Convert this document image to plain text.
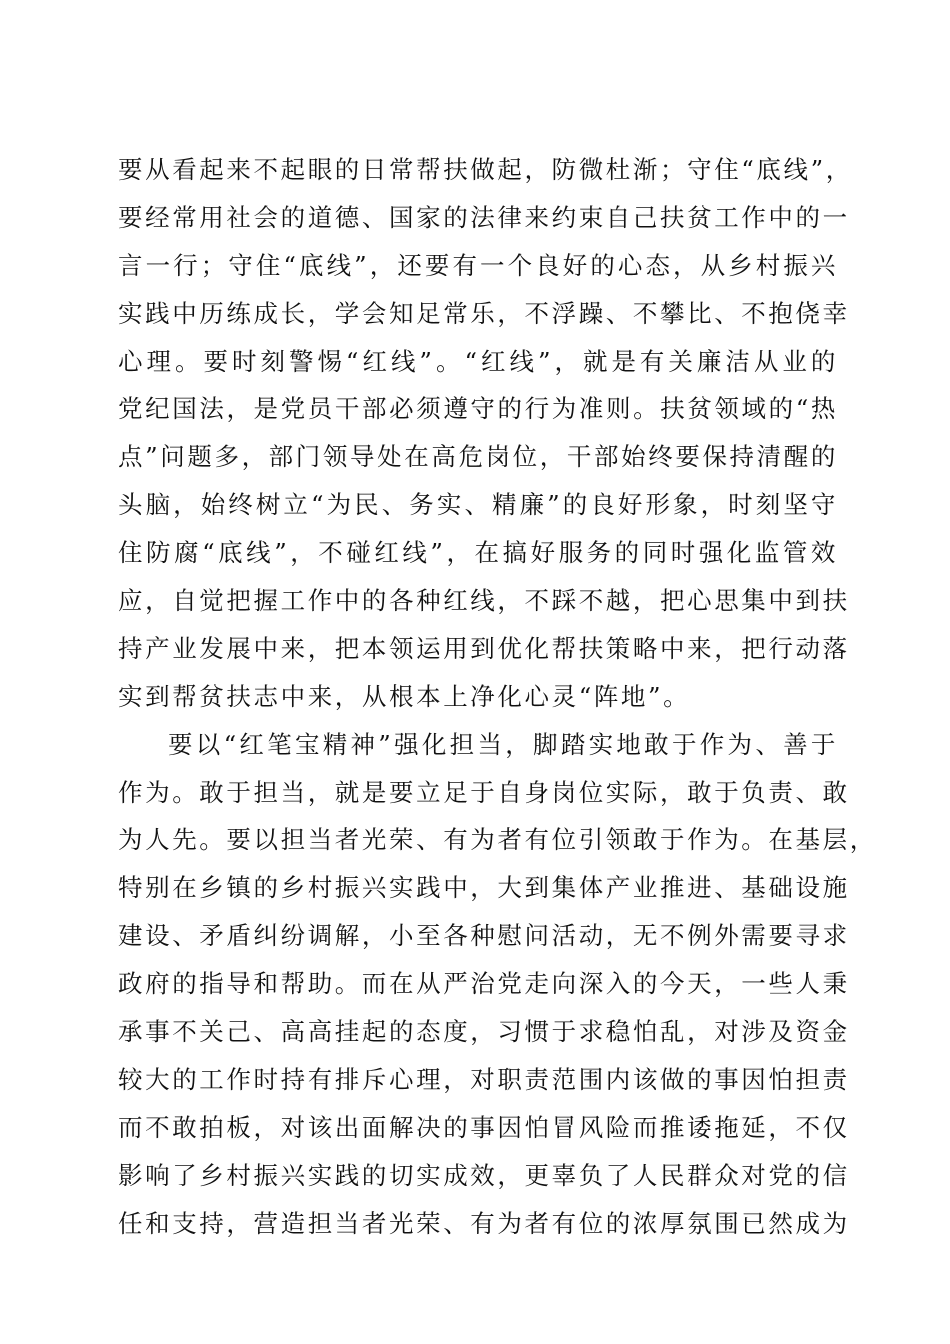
要从看起来不起眼的日常帮扶做起，防微杜渐；守住“底线”，
要经常用社会的道德、国家的法律来约束自己扶贫工作中的一
言一行；守住“底线”，还要有一个良好的心态，从乡村振兴
实践中历练成长，学会知足常乐，不浮躁、不攀比、不抱侥幸
心理。要时刻警惕“红线”。“红线”，就是有关廉洁从业的
党纪国法，是党员干部必须遵守的行为准则。扶贫领域的“热
点”问题多，部门领导处在高危岗位，干部始终要保持清醒的
头脑，始终树立“为民、务实、精廉”的良好形象，时刻坚守
住防腐“底线”，不碰红线”，在搞好服务的同时强化监管效
应，自觉把握工作中的各种红线，不踩不越，把心思集中到扶
持产业发展中来，把本领运用到优化帮扶策略中来，把行动落
实到帮贫扶志中来，从根本上净化心灵“阵地”。
要以“红笔宝精神”强化担当，脚踏实地敢于作为、善于
作为。敢于担当，就是要立足于自身岗位实际，敢于负责、敢
为人先。要以担当者光荣、有为者有位引领敢于作为。在基层，
特别在乡镇的乡村振兴实践中，大到集体产业推进、基础设施
建设、矛盾纠纷调解，小至各种慰问活动，无不例外需要寻求
政府的指导和帮助。而在从严治党走向深入的今天，一些人秉
承事不关己、高高挂起的态度，习惯于求稳怕乱，对涉及资金
较大的工作时持有排斥心理，对职责范围内该做的事因怕担责
而不敢拍板，对该出面解决的事因怕冒风险而推诿拖延，不仅
影响了乡村振兴实践的切实成效，更辜负了人民群众对党的信
任和支持，营造担当者光荣、有为者有位的浓厚氛围已然成为
